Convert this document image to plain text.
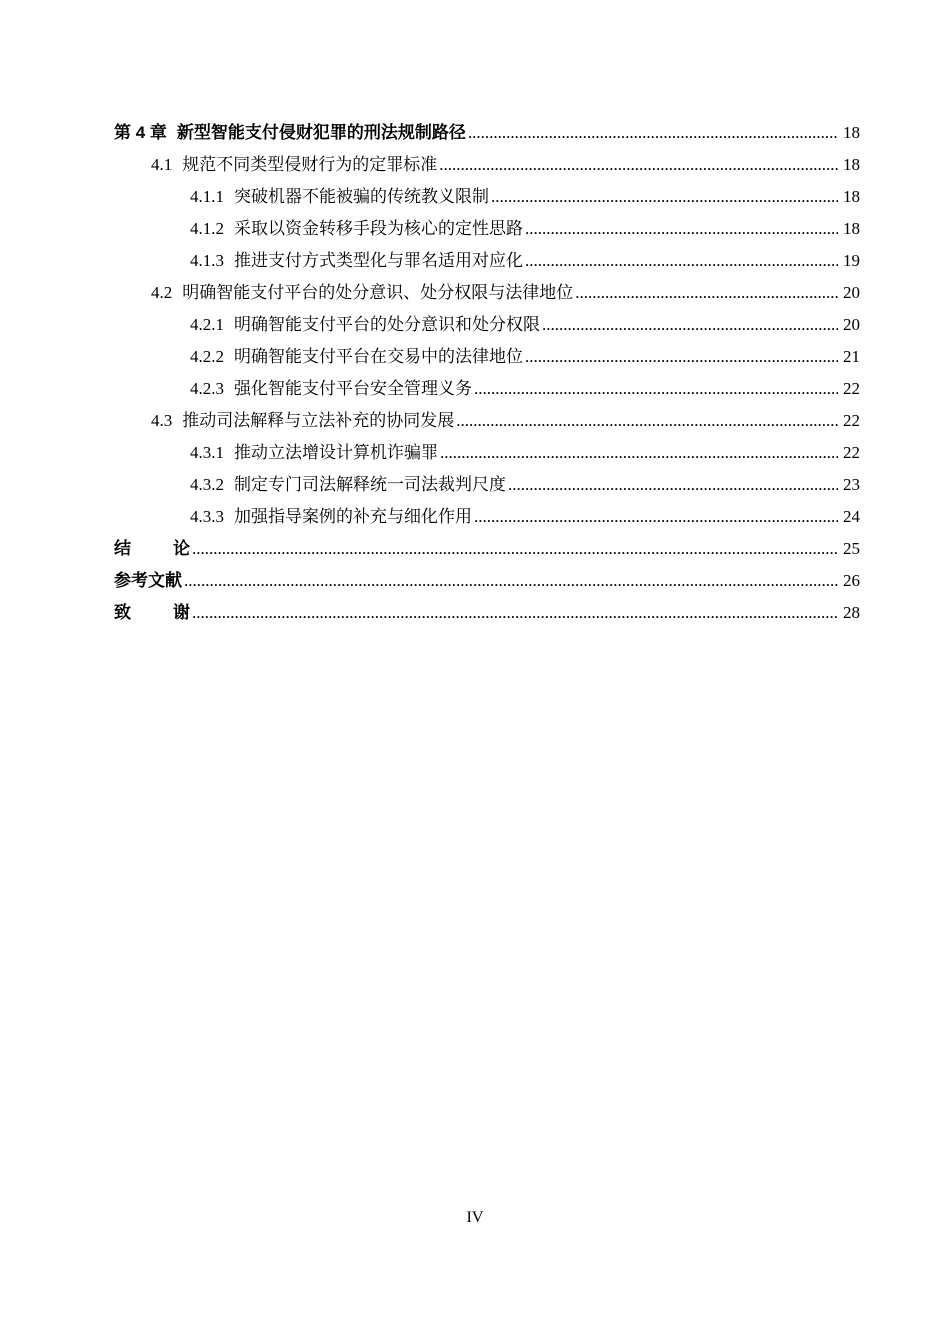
第 4 章 新型智能支付侵财犯罪的刑法规制路径 .....	18
4.1 规范不同类型侵财行为的定罪标准 .....	18
4.1.1 突破机器不能被骗的传统教义限制 .....	18
4.1.2 采取以资金转移手段为核心的定性思路 .....	18
4.1.3 推进支付方式类型化与罪名适用对应化 .....	19
4.2 明确智能支付平台的处分意识、处分权限与法律地位 .....	20
4.2.1 明确智能支付平台的处分意识和处分权限 .....	20
4.2.2 明确智能支付平台在交易中的法律地位 .....	21
4.2.3 强化智能支付平台安全管理义务 .....	22
4.3 推动司法解释与立法补充的协同发展 .....	22
4.3.1 推动立法增设计算机诈骗罪 .....	22
4.3.2 制定专门司法解释统一司法裁判尺度 .....	23
4.3.3 加强指导案例的补充与细化作用 .....	24
结 论 .....	25
参考文献 .....	26
致 谢 .....	28
IV
